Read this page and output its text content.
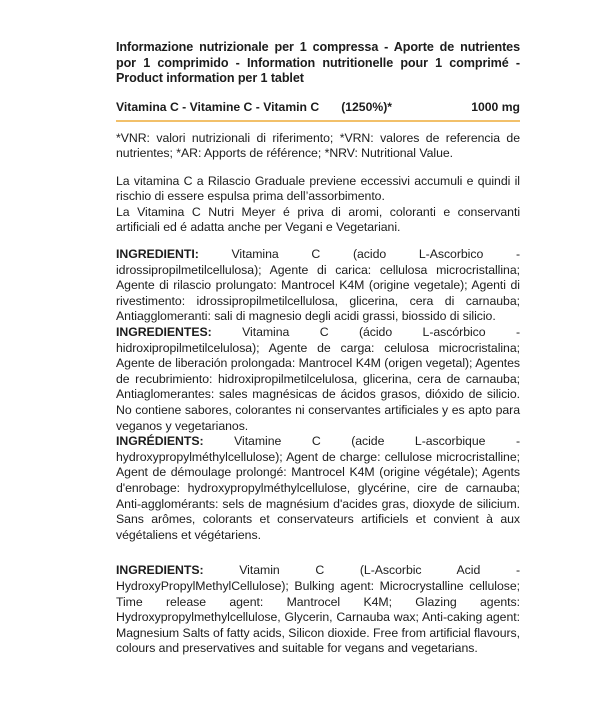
Informazione nutrizionale per 1 compressa - Aporte de nutrientes por 1 comprimido - Information nutritionelle pour 1 comprimé - Product information per 1 tablet
Vitamina C - Vitamine C - Vitamin C (1250%)*	1000 mg

*VNR: valori nutrizionali di riferimento; *VRN: valores de referencia de nutrientes; *AR: Apports de référence; *NRV: Nutritional Value.

La vitamina C a Rilascio Graduale previene eccessivi accumuli e quindi il rischio di essere espulsa prima dell’assorbimento.

La Vitamina C Nutri Meyer é priva di aromi, coloranti e conservanti artificiali ed é adatta anche per Vegani e Vegetariani.

INGREDIENTI: Vitamina C (acido L-Ascorbico - idrossipropilmetilcellulosa); Agente di carica: cellulosa microcristallina; Agente di rilascio prolungato: Mantrocel K4M (origine vegetale); Agenti di rivestimento: idrossipropilmetilcellulosa, glicerina, cera di carnauba; Antiagglomeranti: sali di magnesio degli acidi grassi, biossido di silicio.

INGREDIENTES: Vitamina C (ácido L-ascórbico - hidroxipropilmetilcelulosa); Agente de carga: celulosa microcristalina; Agente de liberación prolongada: Mantrocel K4M (origen vegetal); Agentes de recubrimiento: hidroxipropilmetilcelulosa, glicerina, cera de carnauba; Antiaglomerantes: sales magnésicas de ácidos grasos, dióxido de silicio. No contiene sabores, colorantes ni conservantes artificiales y es apto para veganos y vegetarianos.

INGRÉDIENTS: Vitamine C (acide L-ascorbique - hydroxypropylméthylcellulose); Agent de charge: cellulose microcristalline; Agent de démoulage prolongé: Mantrocel K4M (origine végétale); Agents d'enrobage: hydroxypropylméthylcellulose, glycérine, cire de carnauba; Anti-agglomérants: sels de magnésium d'acides gras, dioxyde de silicium. Sans arômes, colorants et conservateurs artificiels et convient à aux végétaliens et végétariens.

INGREDIENTS: Vitamin C (L-Ascorbic Acid - HydroxyPropylMethylCellulose); Bulking agent: Microcrystalline cellulose; Time release agent: Mantrocel K4M; Glazing agents: Hydroxypropylmethylcellulose, Glycerin, Carnauba wax; Anti-caking agent: Magnesium Salts of fatty acids, Silicon dioxide. Free from artificial flavours, colours and preservatives and suitable for vegans and vegetarians.
